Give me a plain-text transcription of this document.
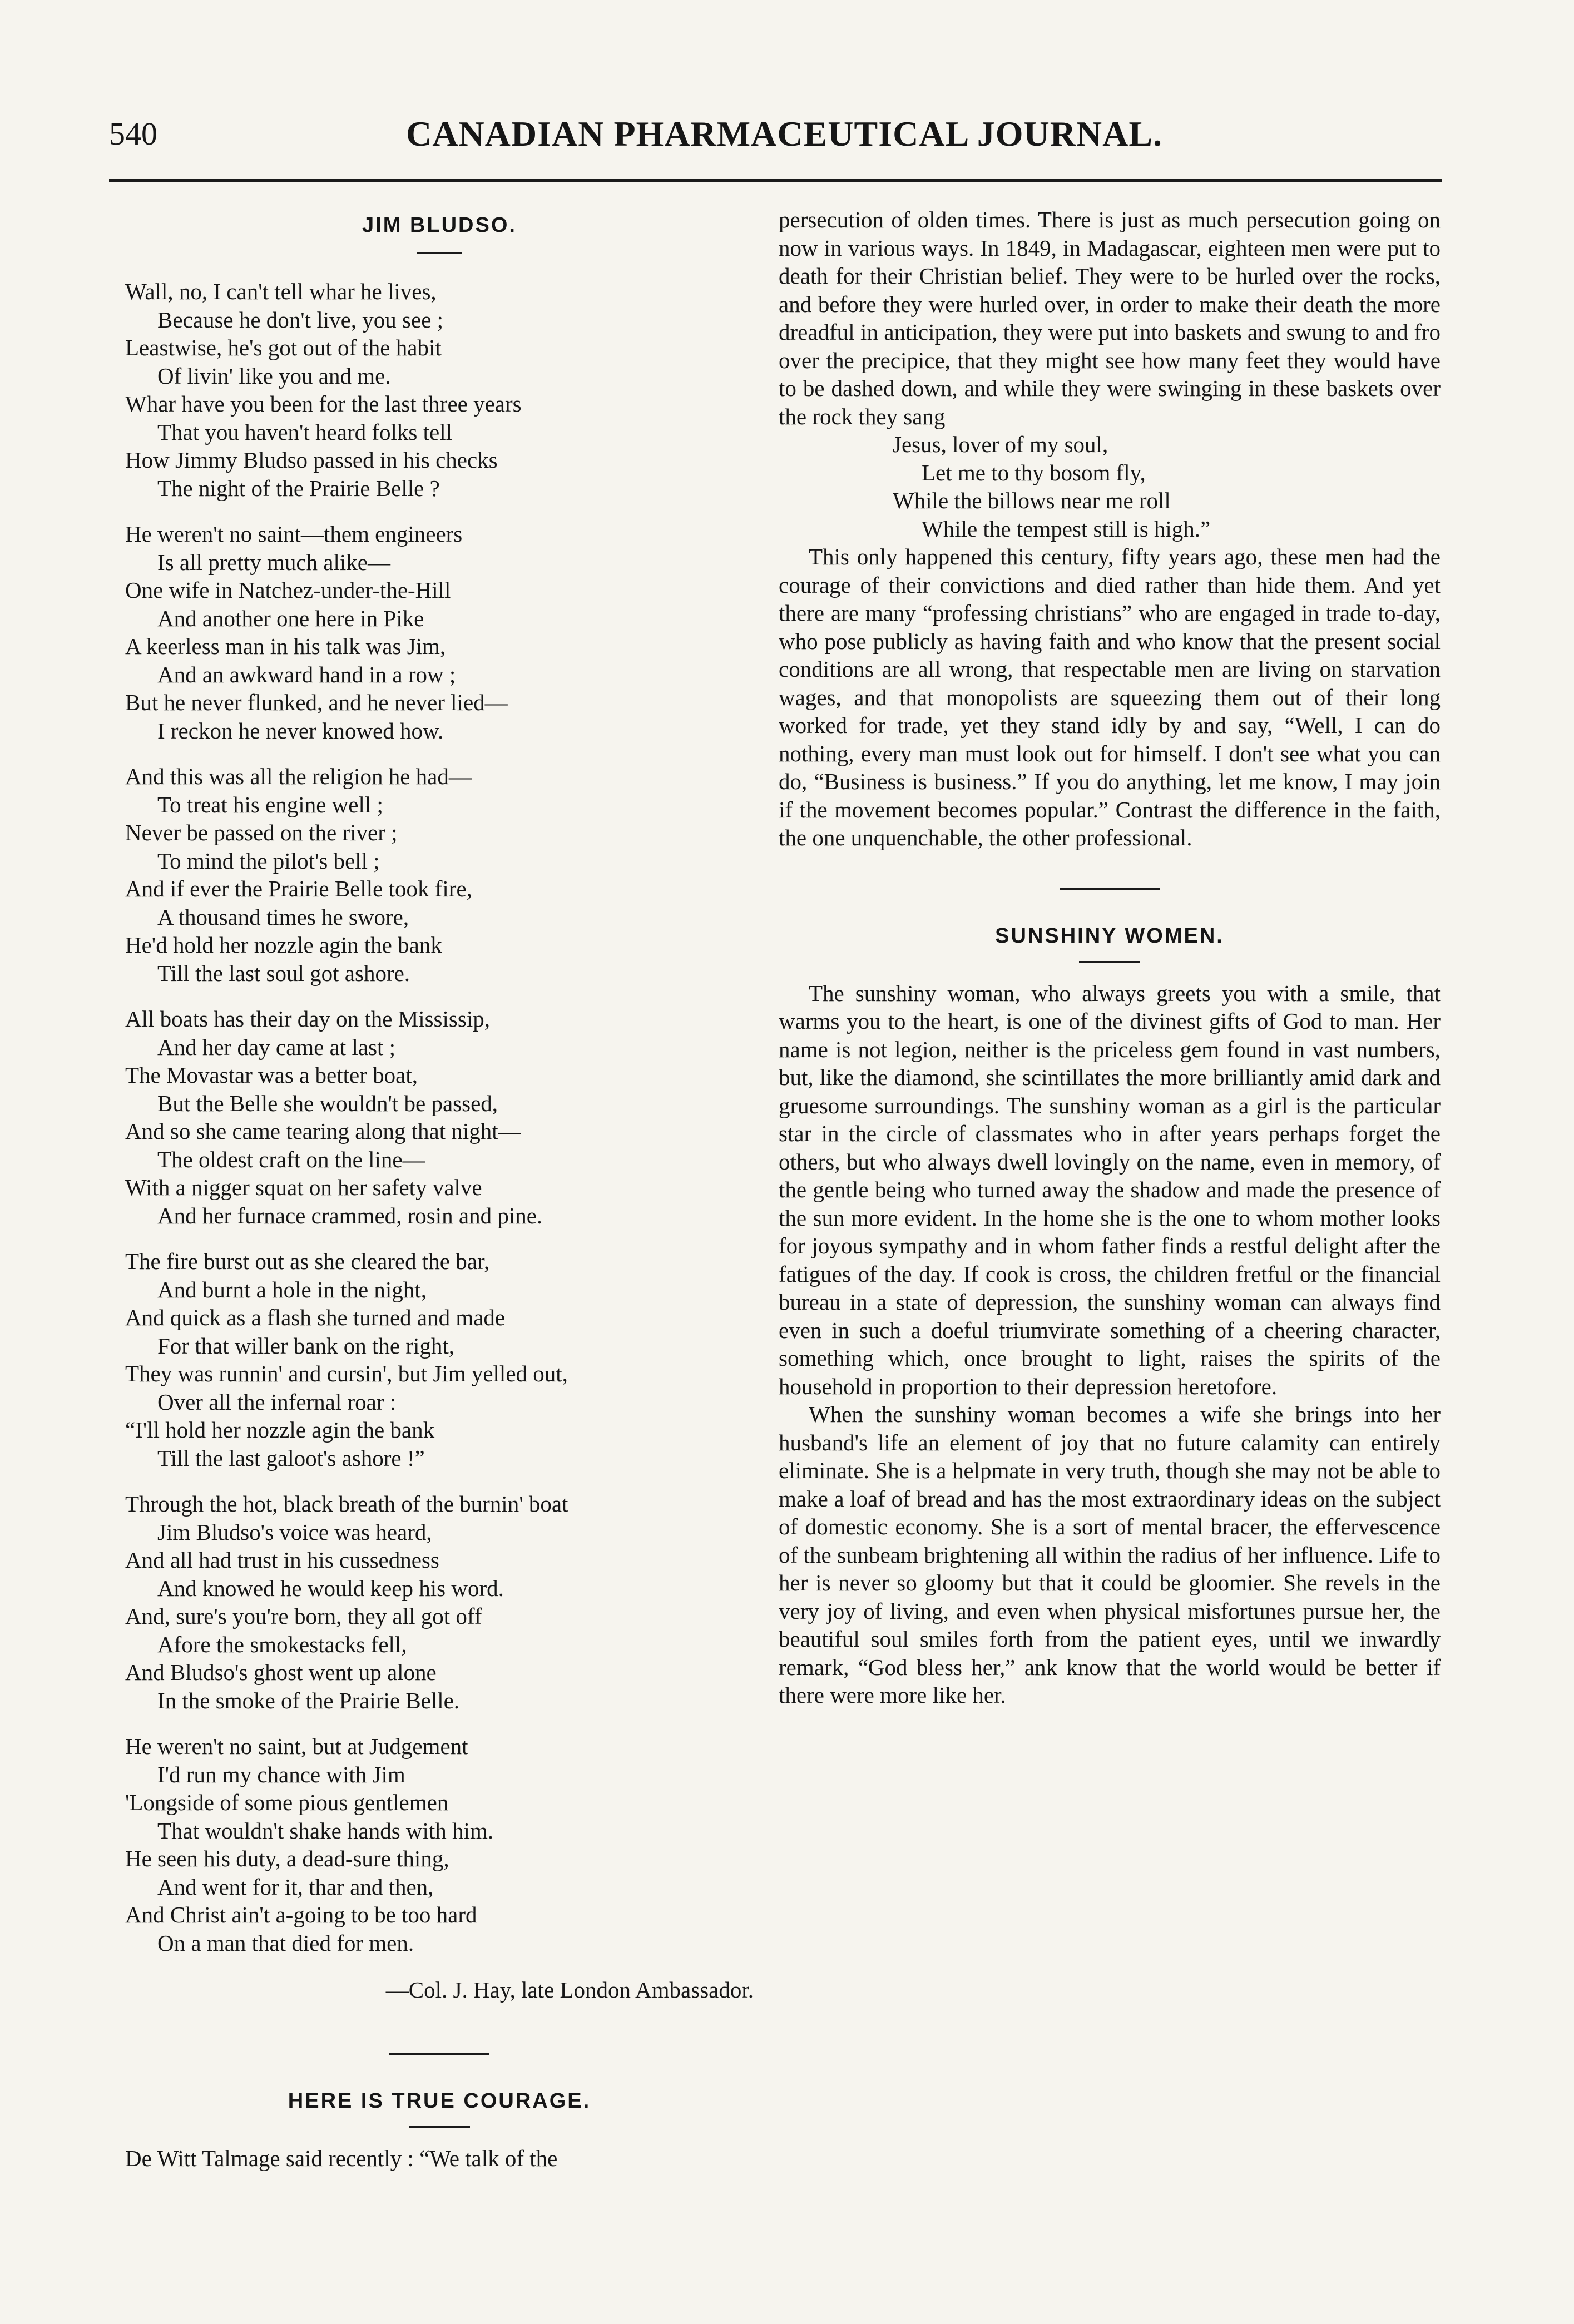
540	CANADIAN PHARMACEUTICAL JOURNAL.
JIM BLUDSO.
Wall, no, I can't tell whar he lives,
Because he don't live, you see ;
Leastwise, he's got out of the habit
Of livin' like you and me.
Whar have you been for the last three years
That you haven't heard folks tell
How Jimmy Bludso passed in his checks
The night of the Prairie Belle ?
He weren't no saint—them engineers
Is all pretty much alike—
One wife in Natchez-under-the-Hill
And another one here in Pike
A keerless man in his talk was Jim,
And an awkward hand in a row ;
But he never flunked, and he never lied—
I reckon he never knowed how.
And this was all the religion he had—
To treat his engine well ;
Never be passed on the river ;
To mind the pilot's bell ;
And if ever the Prairie Belle took fire,
A thousand times he swore,
He'd hold her nozzle agin the bank
Till the last soul got ashore.
All boats has their day on the Mississip,
And her day came at last ;
The Movastar was a better boat,
But the Belle she wouldn't be passed,
And so she came tearing along that night—
The oldest craft on the line—
With a nigger squat on her safety valve
And her furnace crammed, rosin and pine.
The fire burst out as she cleared the bar,
And burnt a hole in the night,
And quick as a flash she turned and made
For that willer bank on the right,
They was runnin' and cursin', but Jim yelled out,
Over all the infernal roar :
“I'll hold her nozzle agin the bank
Till the last galoot's ashore !”
Through the hot, black breath of the burnin' boat
Jim Bludso's voice was heard,
And all had trust in his cussedness
And knowed he would keep his word.
And, sure's you're born, they all got off
Afore the smokestacks fell,
And Bludso's ghost went up alone
In the smoke of the Prairie Belle.
He weren't no saint, but at Judgement
I'd run my chance with Jim
'Longside of some pious gentlemen
That wouldn't shake hands with him.
He seen his duty, a dead-sure thing,
And went for it, thar and then,
And Christ ain't a-going to be too hard
On a man that died for men.
—Col. J. Hay, late London Ambassador.
HERE IS TRUE COURAGE.

De Witt Talmage said recently : “We talk of the

persecution of olden times. There is just as much persecution going on now in various ways. In 1849, in Madagascar, eighteen men were put to death for their Christian belief. They were to be hurled over the rocks, and before they were hurled over, in order to make their death the more dreadful in anticipation, they were put into baskets and swung to and fro over the precipice, that they might see how many feet they would have to be dashed down, and while they were swinging in these baskets over the rock they sang

Jesus, lover of my soul,
Let me to thy bosom fly,
While the billows near me roll
While the tempest still is high.”

This only happened this century, fifty years ago, these men had the courage of their convictions and died rather than hide them. And yet there are many “professing christians” who are engaged in trade to-day, who pose publicly as having faith and who know that the present social conditions are all wrong, that respectable men are living on starvation wages, and that monopolists are squeezing them out of their long worked for trade, yet they stand idly by and say, “Well, I can do nothing, every man must look out for himself. I don't see what you can do, “Business is business.” If you do anything, let me know, I may join if the movement becomes popular.” Contrast the difference in the faith, the one unquenchable, the other professional.

SUNSHINY WOMEN.

The sunshiny woman, who always greets you with a smile, that warms you to the heart, is one of the divinest gifts of God to man. Her name is not legion, neither is the priceless gem found in vast numbers, but, like the diamond, she scintillates the more brilliantly amid dark and gruesome surroundings. The sunshiny woman as a girl is the particular star in the circle of classmates who in after years perhaps forget the others, but who always dwell lovingly on the name, even in memory, of the gentle being who turned away the shadow and made the presence of the sun more evident. In the home she is the one to whom mother looks for joyous sympathy and in whom father finds a restful delight after the fatigues of the day. If cook is cross, the children fretful or the financial bureau in a state of depression, the sunshiny woman can always find even in such a doeful triumvirate something of a cheering character, something which, once brought to light, raises the spirits of the household in proportion to their depression heretofore.

When the sunshiny woman becomes a wife she brings into her husband's life an element of joy that no future calamity can entirely eliminate. She is a helpmate in very truth, though she may not be able to make a loaf of bread and has the most extraordinary ideas on the subject of domestic economy. She is a sort of mental bracer, the effervescence of the sunbeam brightening all within the radius of her influence. Life to her is never so gloomy but that it could be gloomier. She revels in the very joy of living, and even when physical misfortunes pursue her, the beautiful soul smiles forth from the patient eyes, until we inwardly remark, “God bless her,” ank know that the world would be better if there were more like her.
